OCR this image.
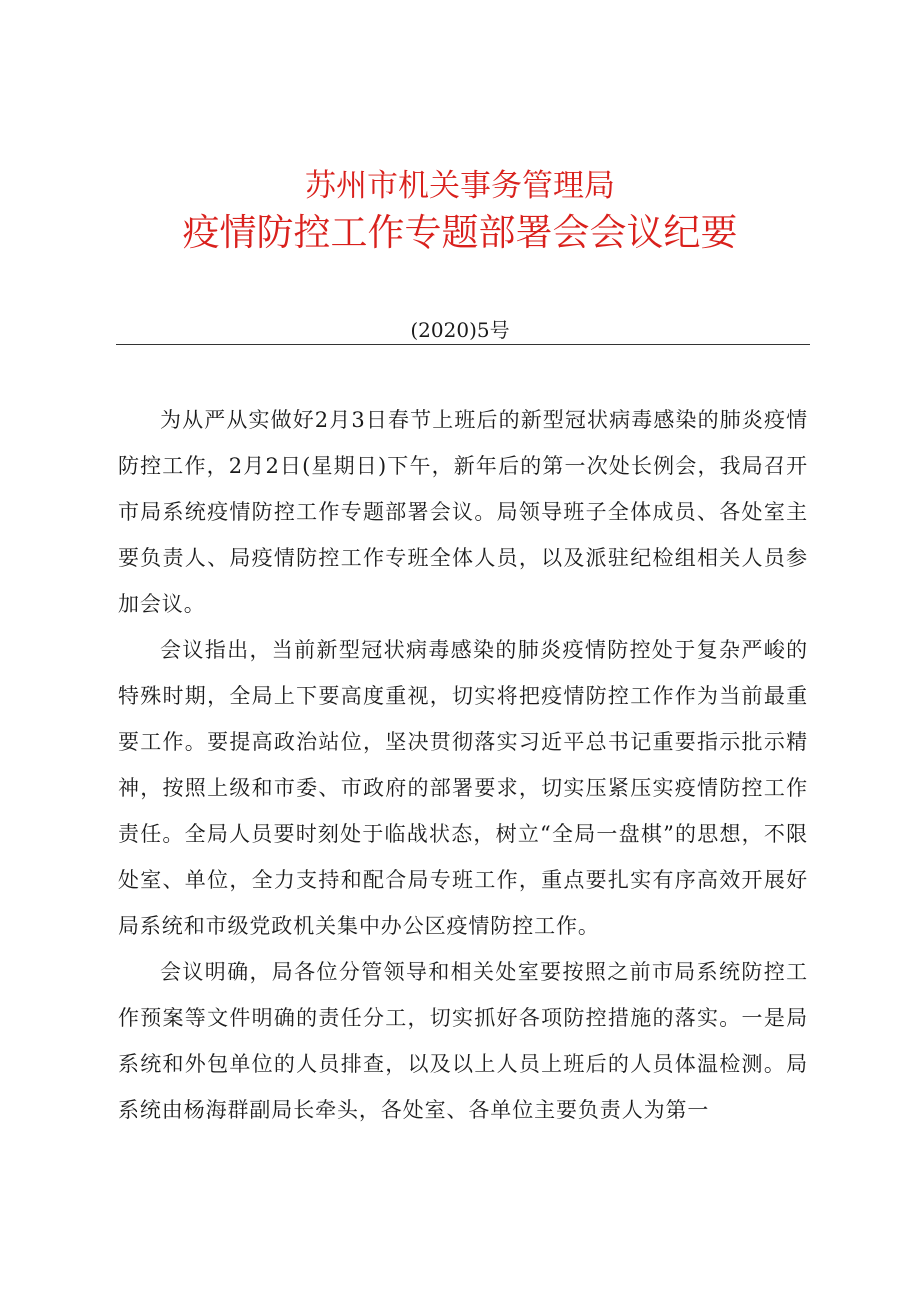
苏州市机关事务管理局
疫情防控工作专题部署会会议纪要
(2020)5号

为从严从实做好2月3日春节上班后的新型冠状病毒感染的肺炎疫情防控工作，2月2日(星期日)下午，新年后的第一次处长例会，我局召开市局系统疫情防控工作专题部署会议。局领导班子全体成员、各处室主要负责人、局疫情防控工作专班全体人员，以及派驻纪检组相关人员参加会议。

会议指出，当前新型冠状病毒感染的肺炎疫情防控处于复杂严峻的特殊时期，全局上下要高度重视，切实将把疫情防控工作作为当前最重要工作。要提高政治站位，坚决贯彻落实习近平总书记重要指示批示精神，按照上级和市委、市政府的部署要求，切实压紧压实疫情防控工作责任。全局人员要时刻处于临战状态，树立“全局一盘棋”的思想，不限处室、单位，全力支持和配合局专班工作，重点要扎实有序高效开展好局系统和市级党政机关集中办公区疫情防控工作。

会议明确，局各位分管领导和相关处室要按照之前市局系统防控工作预案等文件明确的责任分工，切实抓好各项防控措施的落实。一是局系统和外包单位的人员排查，以及以上人员上班后的人员体温检测。局系统由杨海群副局长牵头，各处室、各单位主要负责人为第一
